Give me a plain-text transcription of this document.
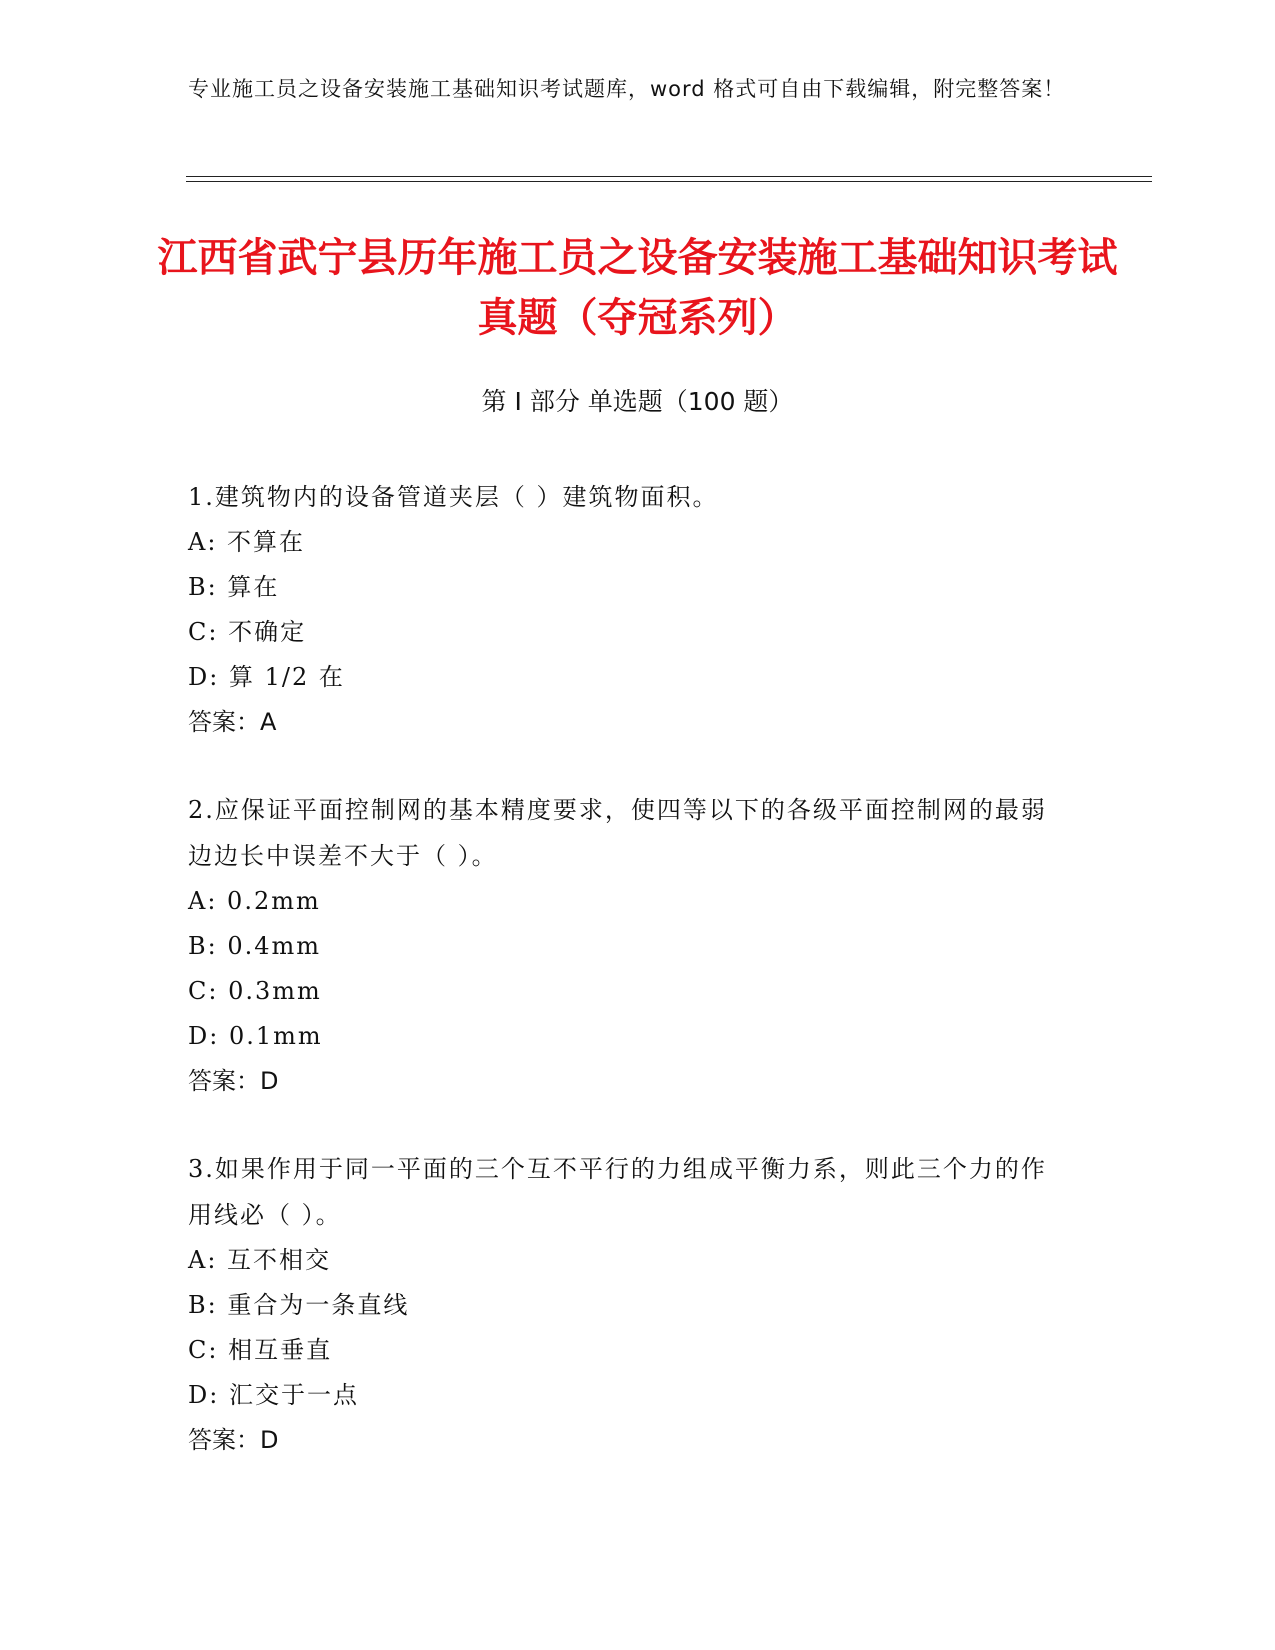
专业施工员之设备安装施工基础知识考试题库，word 格式可自由下载编辑，附完整答案！
江西省武宁县历年施工员之设备安装施工基础知识考试真题（夺冠系列）
第 I 部分 单选题（100 题）
1.建筑物内的设备管道夹层（ ）建筑物面积。
A: 不算在
B: 算在
C: 不确定
D: 算 1/2 在
答案：A
2.应保证平面控制网的基本精度要求，使四等以下的各级平面控制网的最弱边边长中误差不大于（ ）。
A: 0.2mm
B: 0.4mm
C: 0.3mm
D: 0.1mm
答案：D
3.如果作用于同一平面的三个互不平行的力组成平衡力系，则此三个力的作用线必（ ）。
A: 互不相交
B: 重合为一条直线
C: 相互垂直
D: 汇交于一点
答案：D
